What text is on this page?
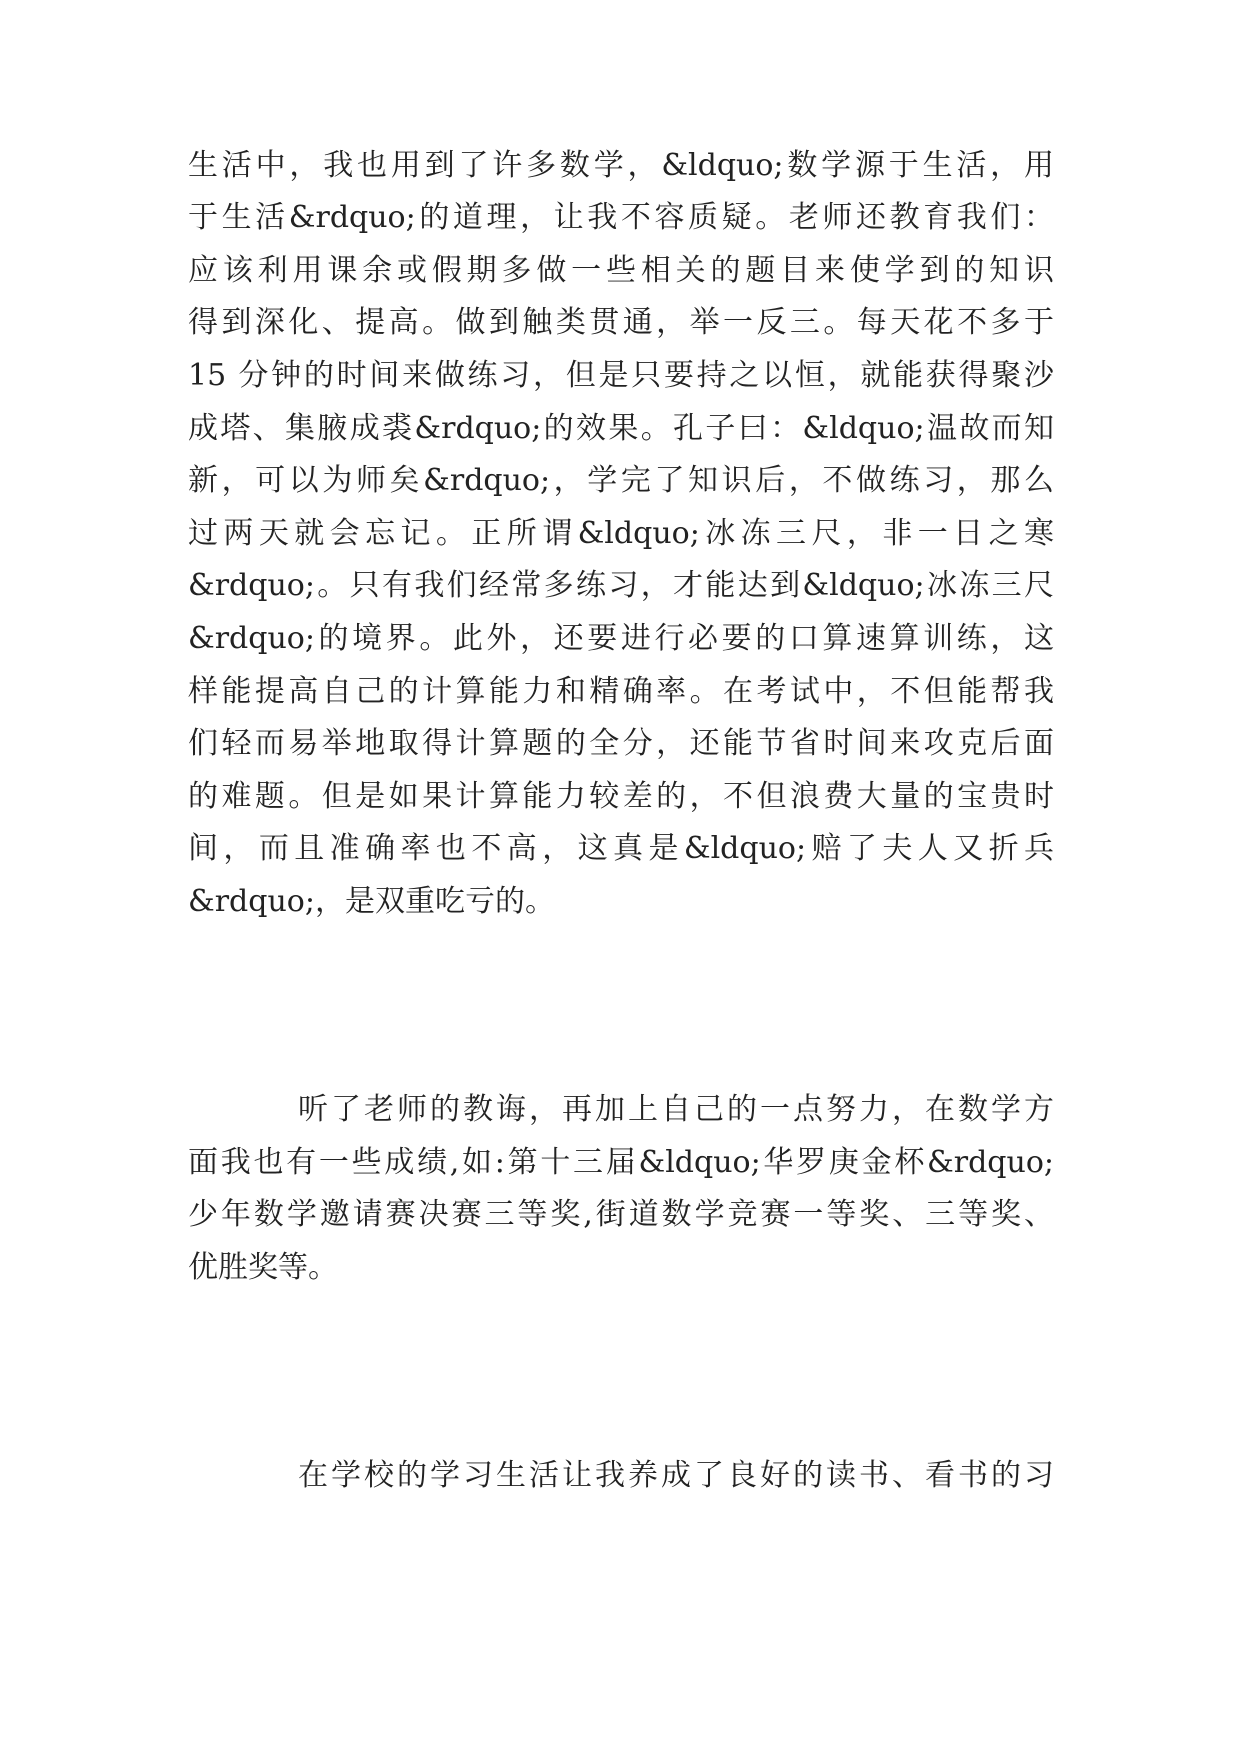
生活中，我也用到了许多数学，&ldquo;数学源于生活，用
于生活&rdquo;的道理，让我不容质疑。老师还教育我们：
应该利用课余或假期多做一些相关的题目来使学到的知识
得到深化、提高。做到触类贯通，举一反三。每天花不多于
15 分钟的时间来做练习，但是只要持之以恒，就能获得聚沙
成塔、集腋成裘&rdquo;的效果。孔子曰：&ldquo;温故而知
新，可以为师矣&rdquo;，学完了知识后，不做练习，那么
过两天就会忘记。正所谓&ldquo;冰冻三尺，非一日之寒
&rdquo;。只有我们经常多练习，才能达到&ldquo;冰冻三尺
&rdquo;的境界。此外，还要进行必要的口算速算训练，这
样能提高自己的计算能力和精确率。在考试中，不但能帮我
们轻而易举地取得计算题的全分，还能节省时间来攻克后面
的难题。但是如果计算能力较差的，不但浪费大量的宝贵时
间，而且准确率也不高，这真是&ldquo;赔了夫人又折兵
&rdquo;，是双重吃亏的。
听了老师的教诲，再加上自己的一点努力，在数学方
面我也有一些成绩,如:第十三届&ldquo;华罗庚金杯&rdquo;
少年数学邀请赛决赛三等奖,街道数学竞赛一等奖、三等奖、
优胜奖等。
在学校的学习生活让我养成了良好的读书、看书的习
